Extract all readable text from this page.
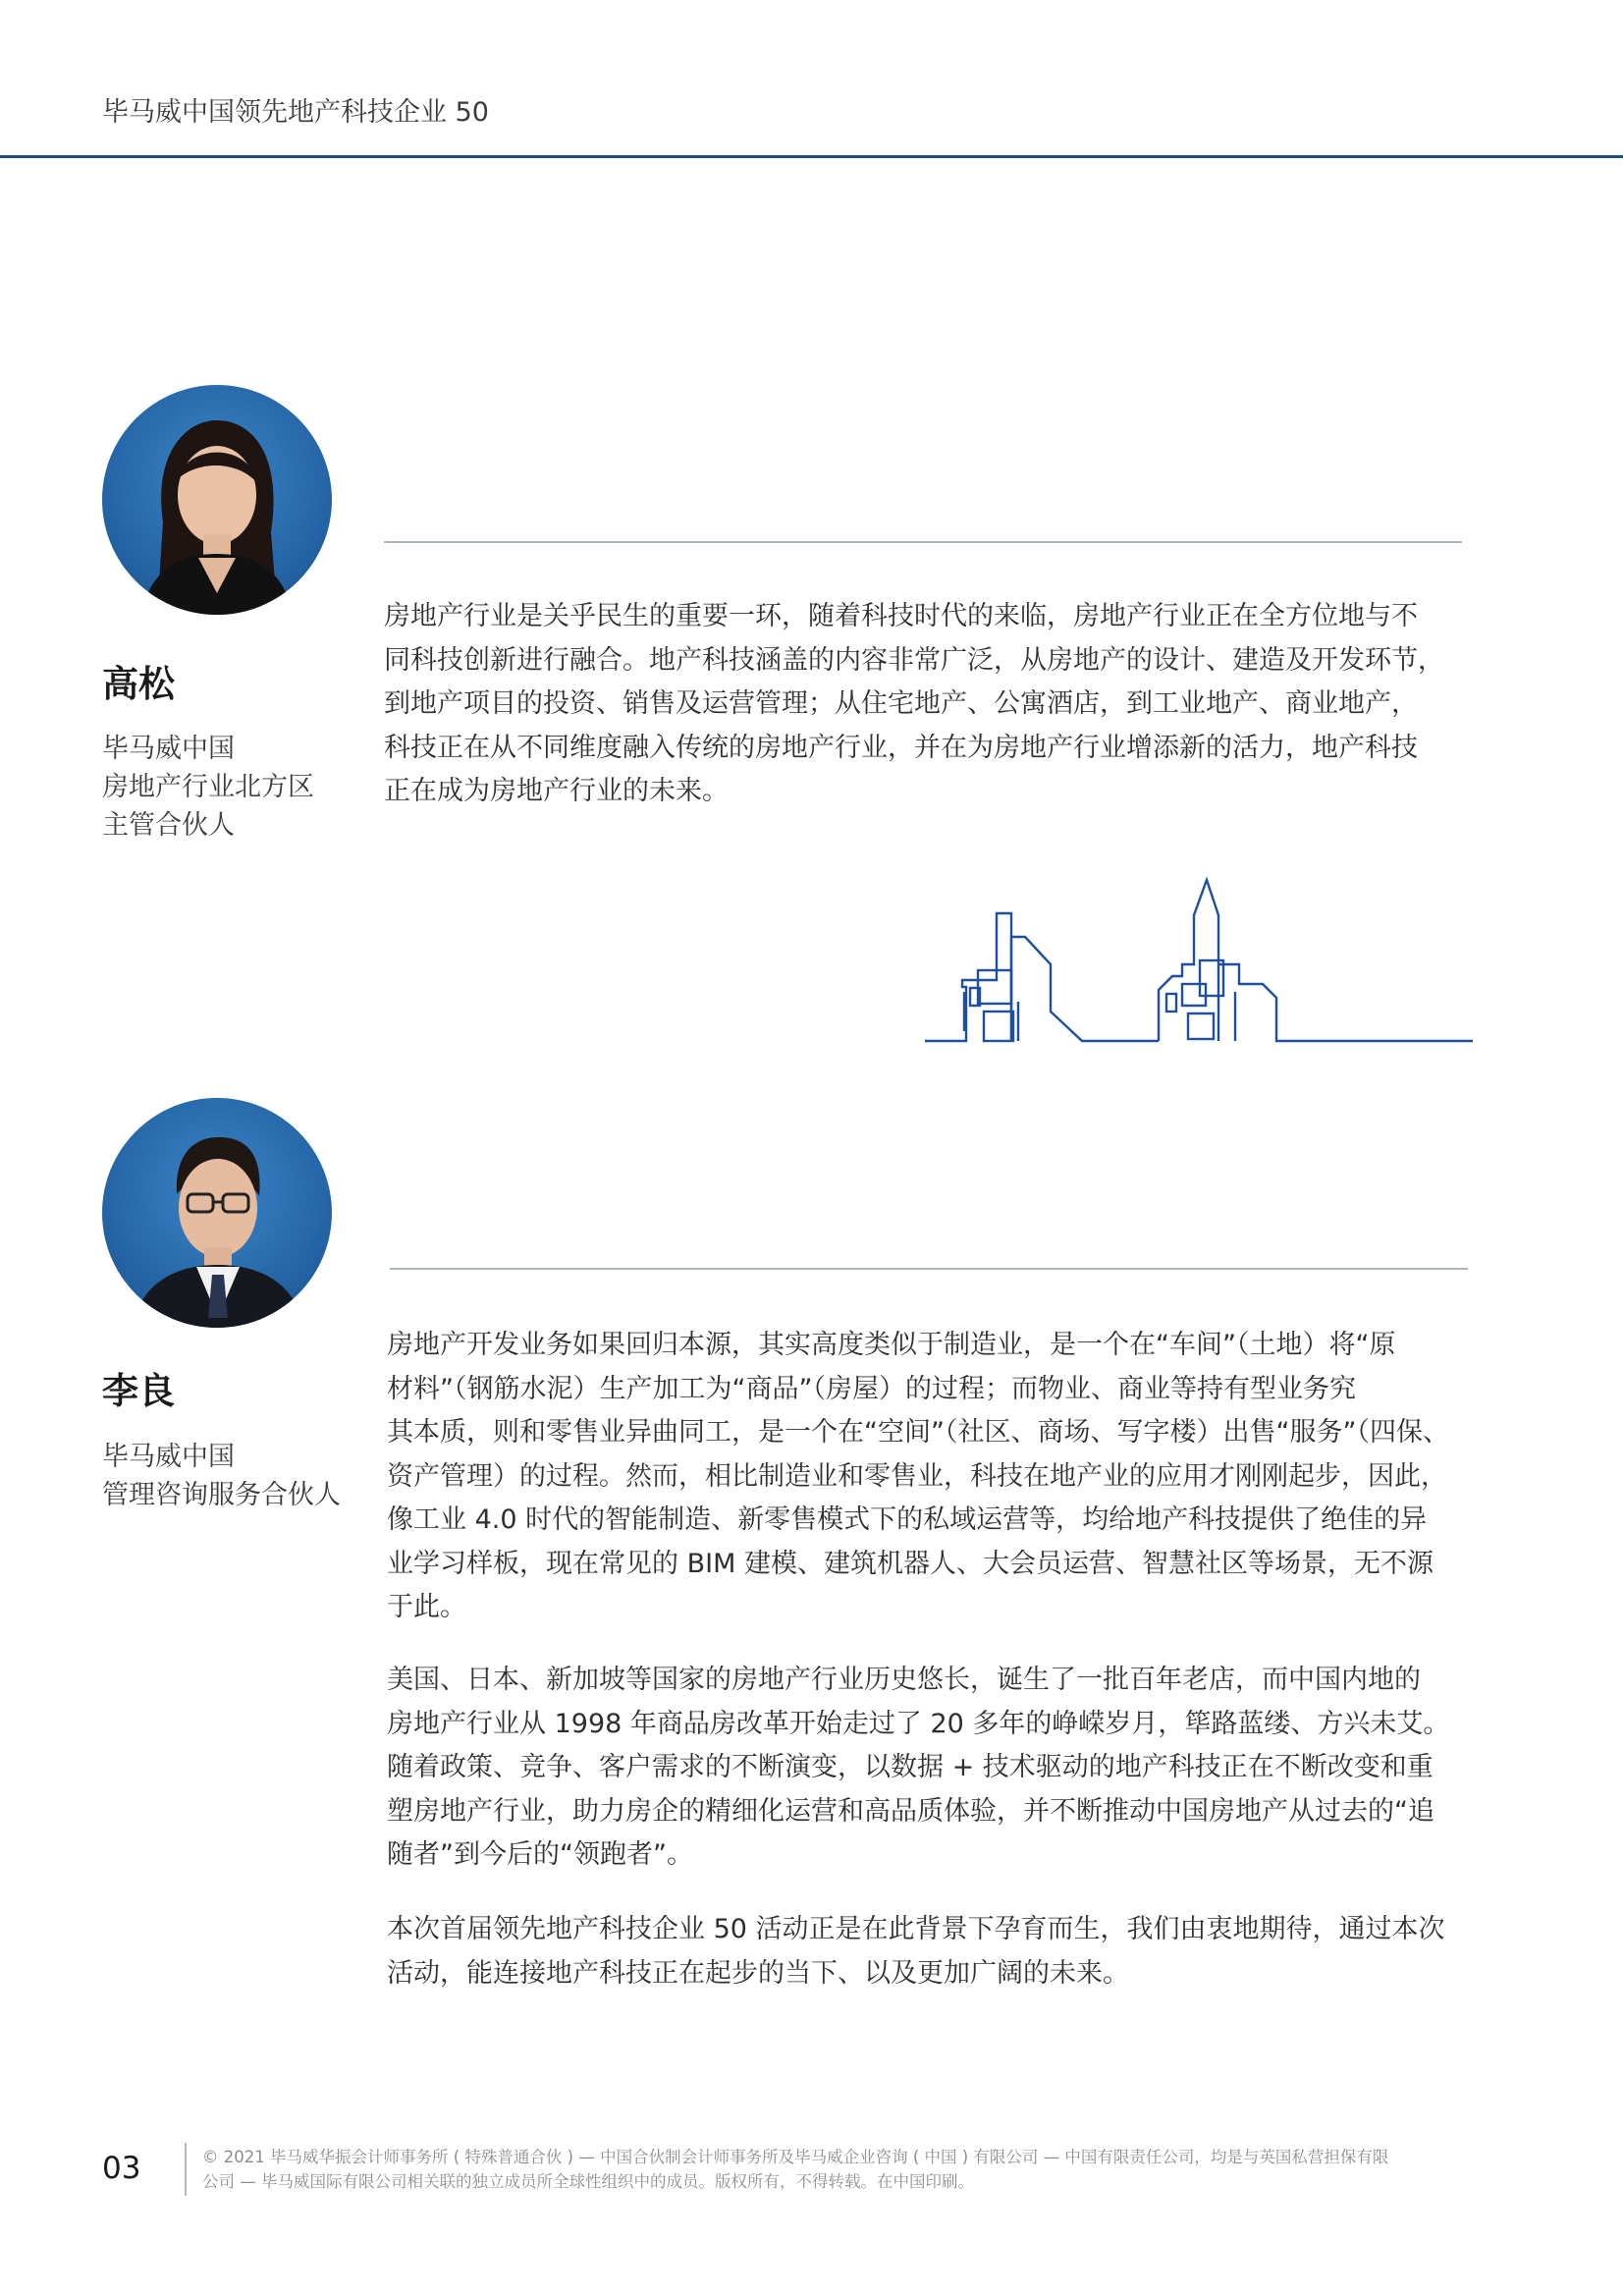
毕马威中国领先地产科技企业 50
高松
毕马威中国
房地产行业北方区
主管合伙人
房地产行业是关乎民生的重要一环，随着科技时代的来临，房地产行业正在全方位地与不
同科技创新进行融合。地产科技涵盖的内容非常广泛，从房地产的设计、建造及开发环节，
到地产项目的投资、销售及运营管理；从住宅地产、公寓酒店，到工业地产、商业地产，
科技正在从不同维度融入传统的房地产行业，并在为房地产行业增添新的活力，地产科技
正在成为房地产行业的未来。
李良
毕马威中国
管理咨询服务合伙人
房地产开发业务如果回归本源，其实高度类似于制造业，是一个在“车间”（土地）将“原
材料”（钢筋水泥）生产加工为“商品”（房屋）的过程；而物业、商业等持有型业务究
其本质，则和零售业异曲同工，是一个在“空间”（社区、商场、写字楼）出售“服务”（四保、
资产管理）的过程。然而，相比制造业和零售业，科技在地产业的应用才刚刚起步，因此，
像工业 4.0 时代的智能制造、新零售模式下的私域运营等，均给地产科技提供了绝佳的异
业学习样板，现在常见的 BIM 建模、建筑机器人、大会员运营、智慧社区等场景，无不源
于此。
美国、日本、新加坡等国家的房地产行业历史悠长，诞生了一批百年老店，而中国内地的
房地产行业从 1998 年商品房改革开始走过了 20 多年的峥嵘岁月，筚路蓝缕、方兴未艾。
随着政策、竞争、客户需求的不断演变，以数据 + 技术驱动的地产科技正在不断改变和重
塑房地产行业，助力房企的精细化运营和高品质体验，并不断推动中国房地产从过去的“追
随者”到今后的“领跑者”。
本次首届领先地产科技企业 50 活动正是在此背景下孕育而生，我们由衷地期待，通过本次
活动，能连接地产科技正在起步的当下、以及更加广阔的未来。
03	© 2021 毕马威华振会计师事务所 ( 特殊普通合伙 ) — 中国合伙制会计师事务所及毕马威企业咨询 ( 中国 ) 有限公司 — 中国有限责任公司，均是与英国私营担保有限
公司 — 毕马威国际有限公司相关联的独立成员所全球性组织中的成员。版权所有，不得转载。在中国印刷。
